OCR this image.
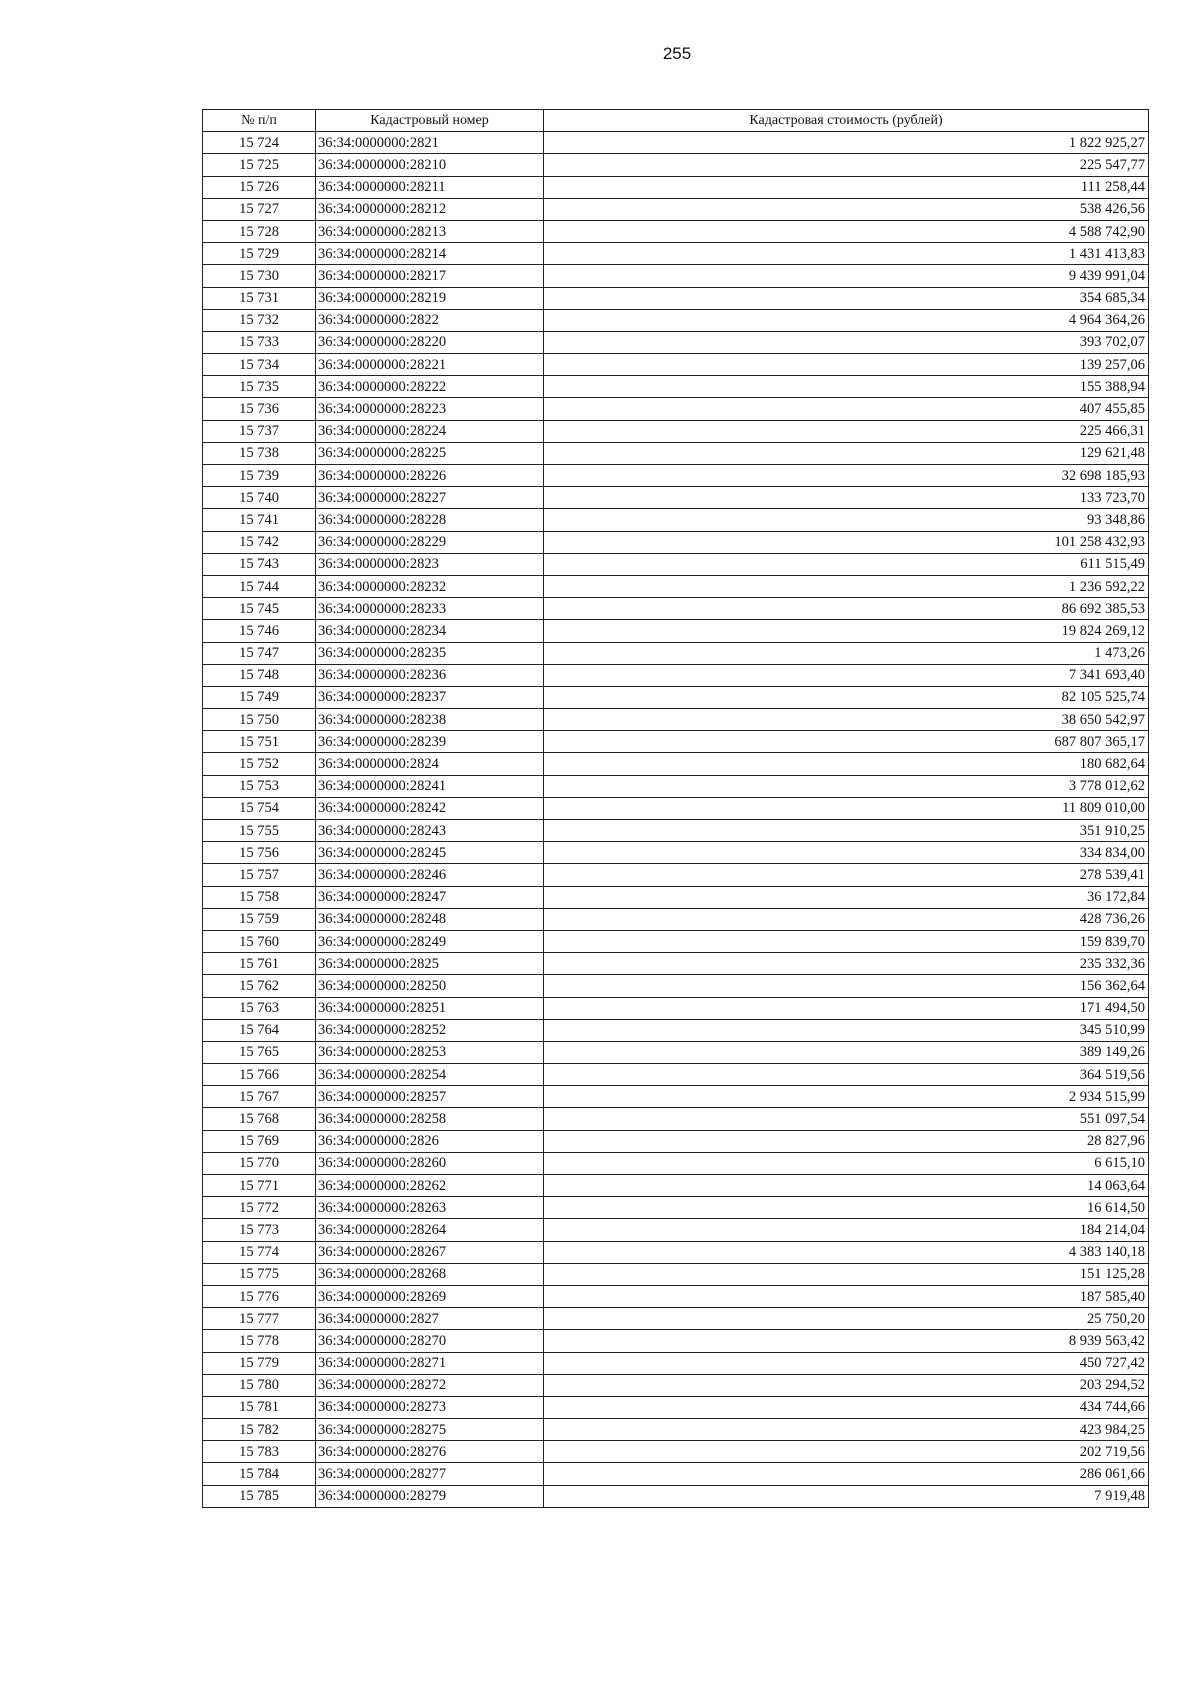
255
№ п/п	Кадастровый номер	Кадастровая стоимость (рублей)
15 724	36:34:0000000:2821	1 822 925,27
15 725	36:34:0000000:28210	225 547,77
15 726	36:34:0000000:28211	111 258,44
15 727	36:34:0000000:28212	538 426,56
15 728	36:34:0000000:28213	4 588 742,90
15 729	36:34:0000000:28214	1 431 413,83
15 730	36:34:0000000:28217	9 439 991,04
15 731	36:34:0000000:28219	354 685,34
15 732	36:34:0000000:2822	4 964 364,26
15 733	36:34:0000000:28220	393 702,07
15 734	36:34:0000000:28221	139 257,06
15 735	36:34:0000000:28222	155 388,94
15 736	36:34:0000000:28223	407 455,85
15 737	36:34:0000000:28224	225 466,31
15 738	36:34:0000000:28225	129 621,48
15 739	36:34:0000000:28226	32 698 185,93
15 740	36:34:0000000:28227	133 723,70
15 741	36:34:0000000:28228	93 348,86
15 742	36:34:0000000:28229	101 258 432,93
15 743	36:34:0000000:2823	611 515,49
15 744	36:34:0000000:28232	1 236 592,22
15 745	36:34:0000000:28233	86 692 385,53
15 746	36:34:0000000:28234	19 824 269,12
15 747	36:34:0000000:28235	1 473,26
15 748	36:34:0000000:28236	7 341 693,40
15 749	36:34:0000000:28237	82 105 525,74
15 750	36:34:0000000:28238	38 650 542,97
15 751	36:34:0000000:28239	687 807 365,17
15 752	36:34:0000000:2824	180 682,64
15 753	36:34:0000000:28241	3 778 012,62
15 754	36:34:0000000:28242	11 809 010,00
15 755	36:34:0000000:28243	351 910,25
15 756	36:34:0000000:28245	334 834,00
15 757	36:34:0000000:28246	278 539,41
15 758	36:34:0000000:28247	36 172,84
15 759	36:34:0000000:28248	428 736,26
15 760	36:34:0000000:28249	159 839,70
15 761	36:34:0000000:2825	235 332,36
15 762	36:34:0000000:28250	156 362,64
15 763	36:34:0000000:28251	171 494,50
15 764	36:34:0000000:28252	345 510,99
15 765	36:34:0000000:28253	389 149,26
15 766	36:34:0000000:28254	364 519,56
15 767	36:34:0000000:28257	2 934 515,99
15 768	36:34:0000000:28258	551 097,54
15 769	36:34:0000000:2826	28 827,96
15 770	36:34:0000000:28260	6 615,10
15 771	36:34:0000000:28262	14 063,64
15 772	36:34:0000000:28263	16 614,50
15 773	36:34:0000000:28264	184 214,04
15 774	36:34:0000000:28267	4 383 140,18
15 775	36:34:0000000:28268	151 125,28
15 776	36:34:0000000:28269	187 585,40
15 777	36:34:0000000:2827	25 750,20
15 778	36:34:0000000:28270	8 939 563,42
15 779	36:34:0000000:28271	450 727,42
15 780	36:34:0000000:28272	203 294,52
15 781	36:34:0000000:28273	434 744,66
15 782	36:34:0000000:28275	423 984,25
15 783	36:34:0000000:28276	202 719,56
15 784	36:34:0000000:28277	286 061,66
15 785	36:34:0000000:28279	7 919,48
